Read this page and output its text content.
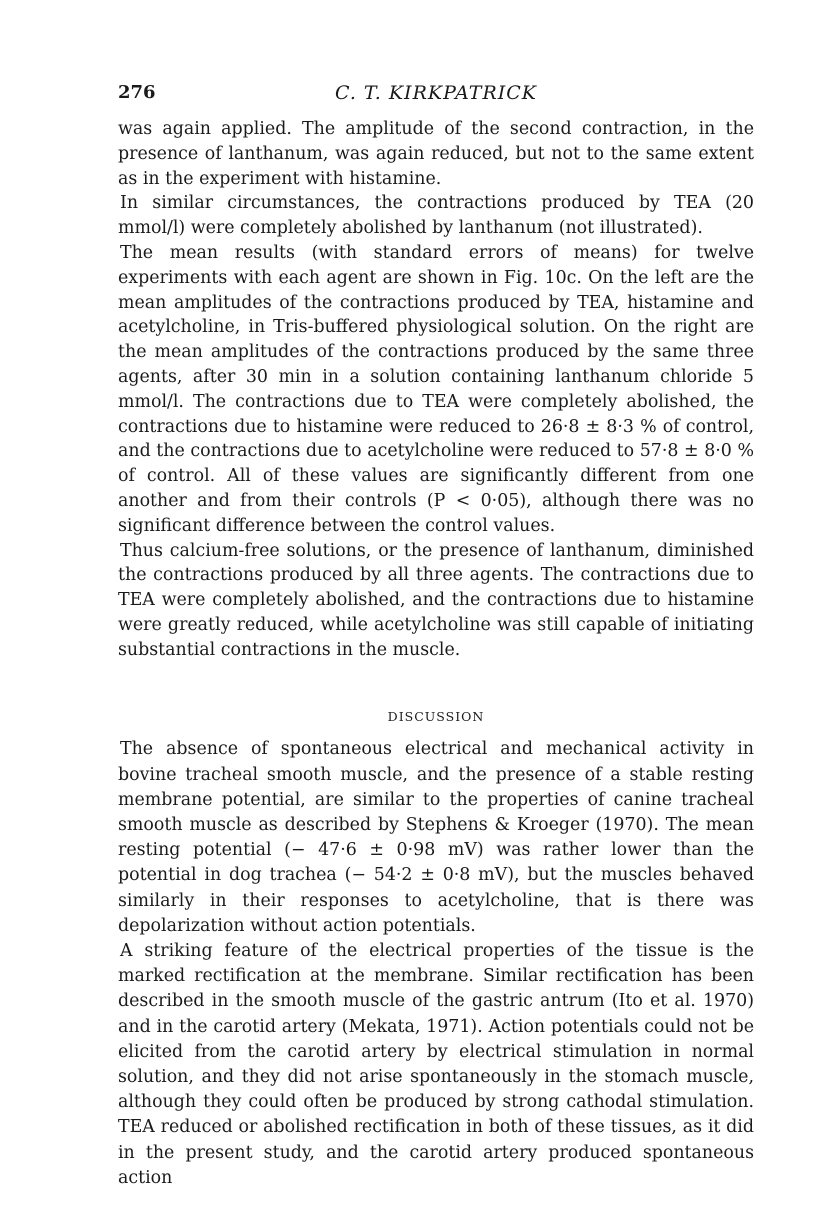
276	C. T. KIRKPATRICK

was again applied. The amplitude of the second contraction, in the presence of lanthanum, was again reduced, but not to the same extent as in the experiment with histamine.

In similar circumstances, the contractions produced by TEA (20 mmol/l) were completely abolished by lanthanum (not illustrated).

The mean results (with standard errors of means) for twelve experiments with each agent are shown in Fig. 10c. On the left are the mean amplitudes of the contractions produced by TEA, histamine and acetylcholine, in Tris-buffered physiological solution. On the right are the mean amplitudes of the contractions produced by the same three agents, after 30 min in a solution containing lanthanum chloride 5 mmol/l. The contractions due to TEA were completely abolished, the contractions due to histamine were reduced to 26·8 ± 8·3 % of control, and the contractions due to acetylcholine were reduced to 57·8 ± 8·0 % of control. All of these values are significantly different from one another and from their controls (P < 0·05), although there was no significant difference between the control values.

Thus calcium-free solutions, or the presence of lanthanum, diminished the contractions produced by all three agents. The contractions due to TEA were completely abolished, and the contractions due to histamine were greatly reduced, while acetylcholine was still capable of initiating substantial contractions in the muscle.

DISCUSSION

The absence of spontaneous electrical and mechanical activity in bovine tracheal smooth muscle, and the presence of a stable resting membrane potential, are similar to the properties of canine tracheal smooth muscle as described by Stephens & Kroeger (1970). The mean resting potential (− 47·6 ± 0·98 mV) was rather lower than the potential in dog trachea (− 54·2 ± 0·8 mV), but the muscles behaved similarly in their responses to acetylcholine, that is there was depolarization without action potentials.

A striking feature of the electrical properties of the tissue is the marked rectification at the membrane. Similar rectification has been described in the smooth muscle of the gastric antrum (Ito et al. 1970) and in the carotid artery (Mekata, 1971). Action potentials could not be elicited from the carotid artery by electrical stimulation in normal solution, and they did not arise spontaneously in the stomach muscle, although they could often be produced by strong cathodal stimulation. TEA reduced or abolished rectification in both of these tissues, as it did in the present study, and the carotid artery produced spontaneous action
